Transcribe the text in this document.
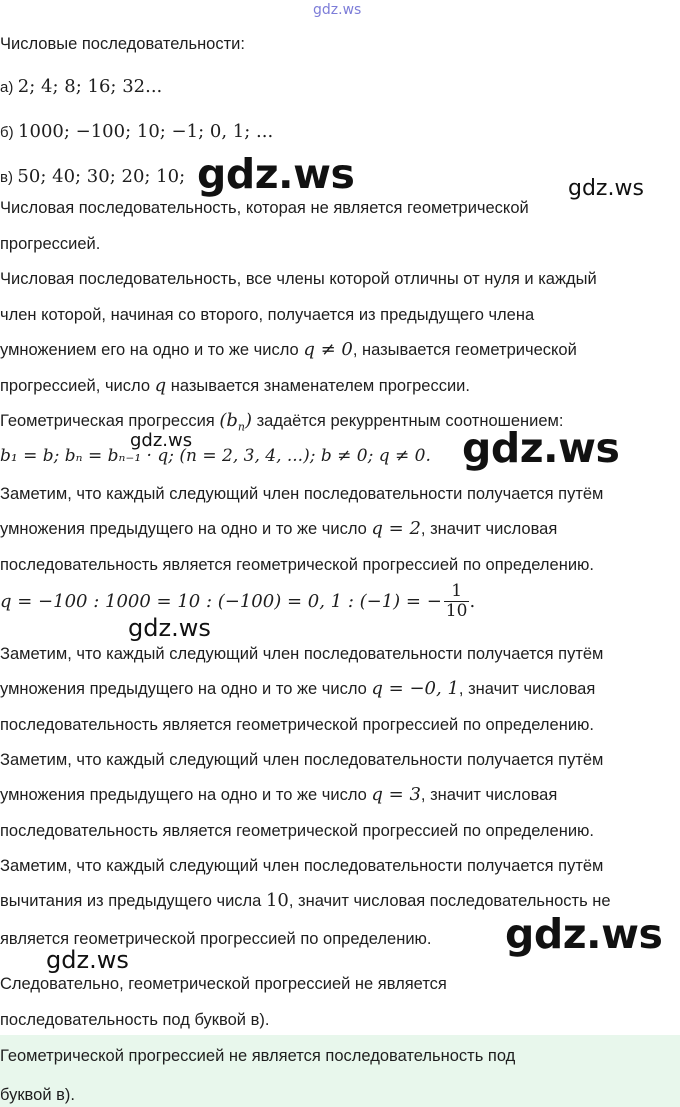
gdz.ws
Числовые последовательности:
а) 2; 4; 8; 16; 32...
б) 1000; −100; 10; −1; 0, 1; ...
в) 50; 40; 30; 20; 10; gdz.ws	gdz.ws
Числовая последовательность, которая не является геометрической
прогрессией.
Числовая последовательность, все члены которой отличны от нуля и каждый
член которой, начиная со второго, получается из предыдущего члена
умножением его на одно и то же число q ≠ 0, называется геометрической
прогрессией, число q называется знаменателем прогрессии.
Геометрическая прогрессия $(b_n)$ задаётся рекуррентным соотношением:
gdz.ws
b₁ = b; bₙ = bₙ₋₁ · q; (n = 2, 3, 4, ...); b ≠ 0; q ≠ 0. gdz.ws
Заметим, что каждый следующий член последовательности получается путём
умножения предыдущего на одно и то же число q = 2, значит числовая
последовательность является геометрической прогрессией по определению.
q = −100 : 1000 = 10 : (−100) = 0, 1 : (−1) = − $\frac{1}{10}$ .
gdz.ws
Заметим, что каждый следующий член последовательности получается путём
умножения предыдущего на одно и то же число q = −0, 1, значит числовая
последовательность является геометрической прогрессией по определению.
Заметим, что каждый следующий член последовательности получается путём
умножения предыдущего на одно и то же число q = 3, значит числовая
последовательность является геометрической прогрессией по определению.
Заметим, что каждый следующий член последовательности получается путём
вычитания из предыдущего числа 10, значит числовая последовательность не
является геометрической прогрессией по определению. gdz.ws
gdz.ws
Следовательно, геометрической прогрессией не является
последовательность под буквой в).
Геометрической прогрессией не является последовательность под
буквой в).
